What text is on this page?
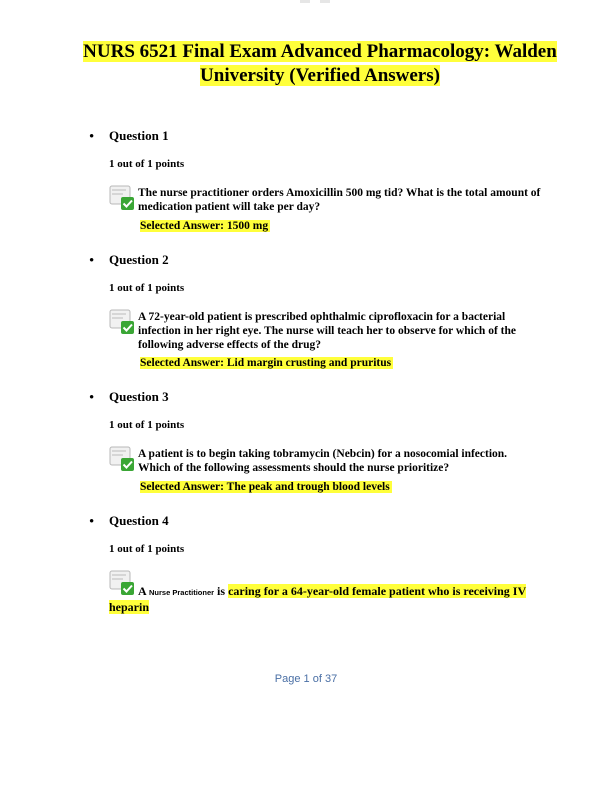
NURS 6521 Final Exam Advanced Pharmacology: Walden University (Verified Answers)
• Question 1
1 out of 1 points
The nurse practitioner orders Amoxicillin 500 mg tid? What is the total amount of medication patient will take per day?
Selected Answer: 1500 mg
• Question 2
1 out of 1 points
A 72-year-old patient is prescribed ophthalmic ciprofloxacin for a bacterial infection in her right eye. The nurse will teach her to observe for which of the following adverse effects of the drug?
Selected Answer: Lid margin crusting and pruritus
• Question 3
1 out of 1 points
A patient is to begin taking tobramycin (Nebcin) for a nosocomial infection. Which of the following assessments should the nurse prioritize?
Selected Answer: The peak and trough blood levels
• Question 4
1 out of 1 points
A Nurse Practitioner is caring for a 64-year-old female patient who is receiving IV heparin
Page 1 of 37
